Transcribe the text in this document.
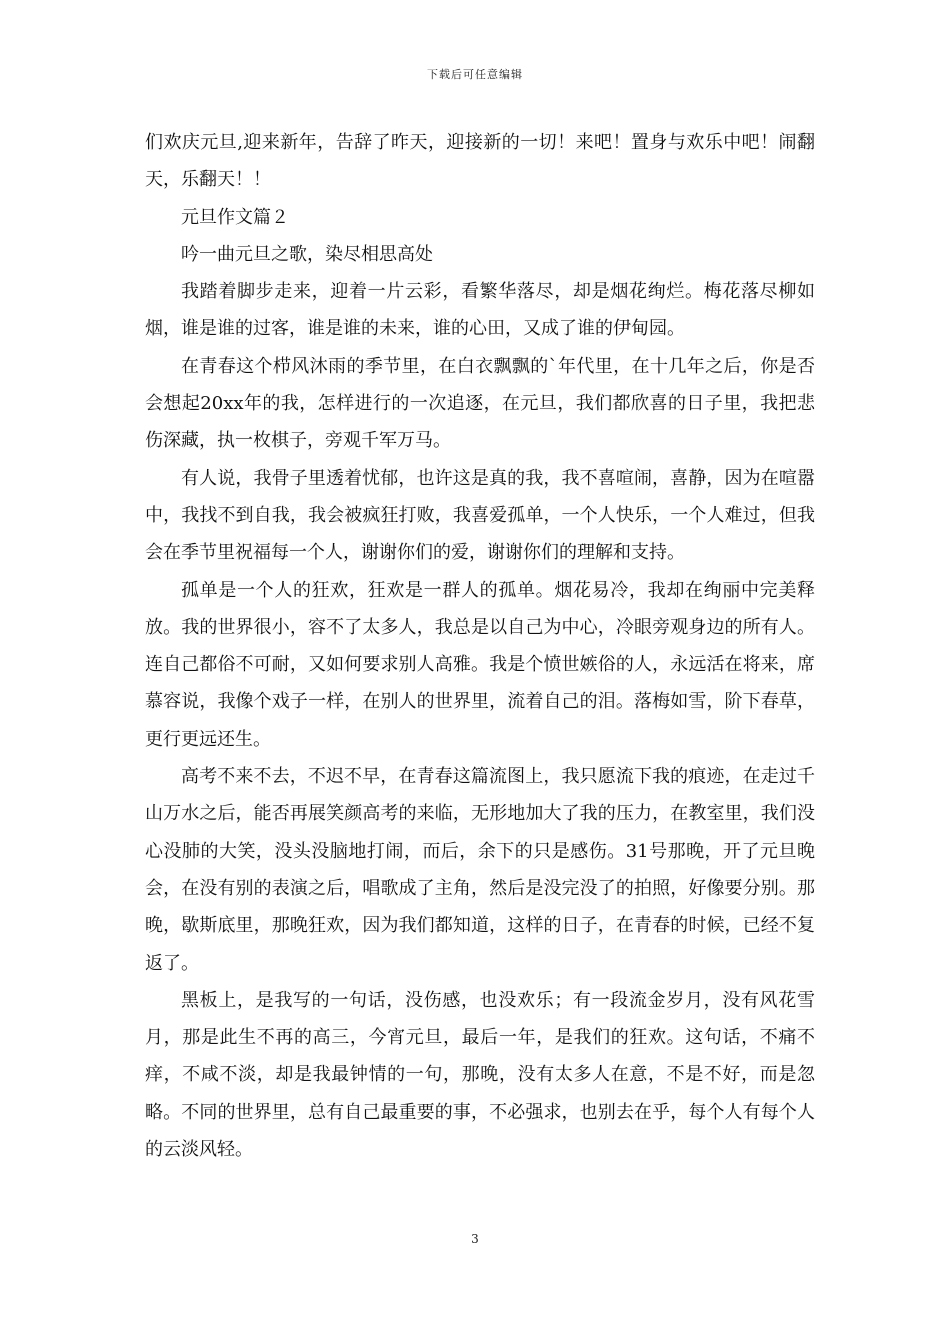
下载后可任意编辑

们欢庆元旦,迎来新年，告辞了昨天，迎接新的一切！来吧！置身与欢乐中吧！闹翻天，乐翻天！！

元旦作文篇２

吟一曲元旦之歌，染尽相思高处

我踏着脚步走来，迎着一片云彩，看繁华落尽，却是烟花绚烂。梅花落尽柳如烟，谁是谁的过客，谁是谁的未来，谁的心田，又成了谁的伊甸园。

在青春这个栉风沐雨的季节里，在白衣飘飘的`年代里，在十几年之后，你是否会想起20xx年的我，怎样进行的一次追逐，在元旦，我们都欣喜的日子里，我把悲伤深藏，执一枚棋子，旁观千军万马。

有人说，我骨子里透着忧郁，也许这是真的我，我不喜喧闹，喜静，因为在喧嚣中，我找不到自我，我会被疯狂打败，我喜爱孤单，一个人快乐，一个人难过，但我会在季节里祝福每一个人，谢谢你们的爱，谢谢你们的理解和支持。

孤单是一个人的狂欢，狂欢是一群人的孤单。烟花易冷，我却在绚丽中完美释放。我的世界很小，容不了太多人，我总是以自己为中心，冷眼旁观身边的所有人。连自己都俗不可耐，又如何要求别人高雅。我是个愤世嫉俗的人，永远活在将来，席慕容说，我像个戏子一样，在别人的世界里，流着自己的泪。落梅如雪，阶下春草，更行更远还生。

高考不来不去，不迟不早，在青春这篇流图上，我只愿流下我的痕迹，在走过千山万水之后，能否再展笑颜高考的来临，无形地加大了我的压力，在教室里，我们没心没肺的大笑，没头没脑地打闹，而后，余下的只是感伤。31号那晚，开了元旦晚会，在没有别的表演之后，唱歌成了主角，然后是没完没了的拍照，好像要分别。那晚，歇斯底里，那晚狂欢，因为我们都知道，这样的日子，在青春的时候，已经不复返了。

黑板上，是我写的一句话，没伤感，也没欢乐；有一段流金岁月，没有风花雪月，那是此生不再的高三，今宵元旦，最后一年，是我们的狂欢。这句话，不痛不痒，不咸不淡，却是我最钟情的一句，那晚，没有太多人在意，不是不好，而是忽略。不同的世界里，总有自己最重要的事，不必强求，也别去在乎，每个人有每个人的云淡风轻。

3
